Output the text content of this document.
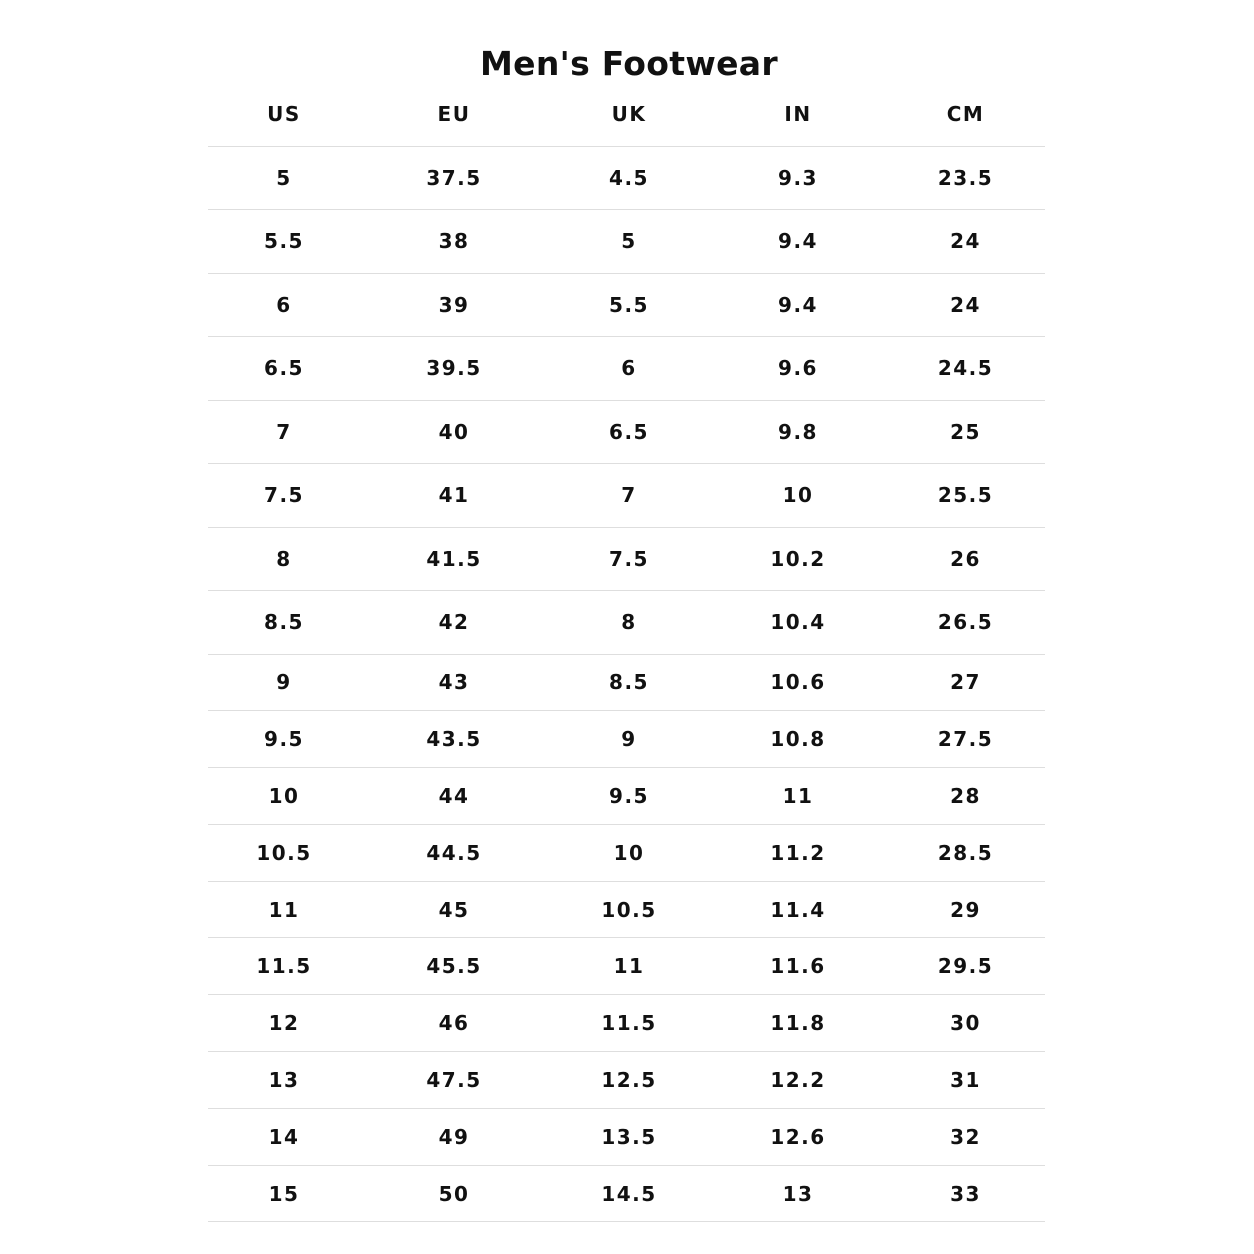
Men's Footwear
US	EU	UK	IN	CM
5	37.5	4.5	9.3	23.5
5.5	38	5	9.4	24
6	39	5.5	9.4	24
6.5	39.5	6	9.6	24.5
7	40	6.5	9.8	25
7.5	41	7	10	25.5
8	41.5	7.5	10.2	26
8.5	42	8	10.4	26.5
9	43	8.5	10.6	27
9.5	43.5	9	10.8	27.5
10	44	9.5	11	28
10.5	44.5	10	11.2	28.5
11	45	10.5	11.4	29
11.5	45.5	11	11.6	29.5
12	46	11.5	11.8	30
13	47.5	12.5	12.2	31
14	49	13.5	12.6	32
15	50	14.5	13	33
